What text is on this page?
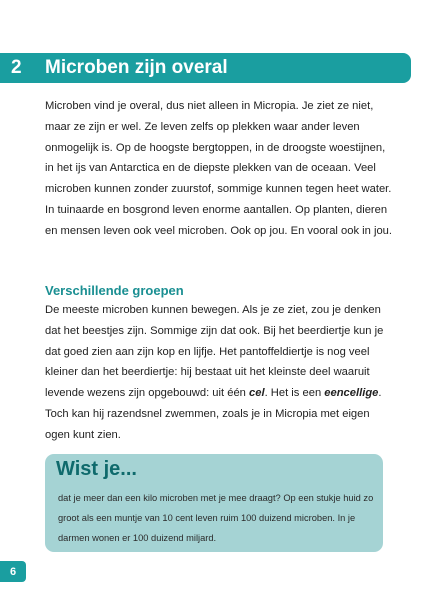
2	Microben zijn overal

Microben vind je overal, dus niet alleen in Micropia. Je ziet ze niet, maar ze zijn er wel. Ze leven zelfs op plekken waar ander leven onmogelijk is. Op de hoogste bergtoppen, in de droogste woestijnen, in het ijs van Antarctica en de diepste plekken van de oceaan. Veel microben kunnen zonder zuurstof, sommige kunnen tegen heet water. In tuinaarde en bosgrond leven enorme aantallen. Op planten, dieren en mensen leven ook veel microben. Ook op jou. En vooral ook in jou.

Verschillende groepen

De meeste microben kunnen bewegen. Als je ze ziet, zou je denken dat het beestjes zijn. Sommige zijn dat ook. Bij het beerdiertje kun je dat goed zien aan zijn kop en lijfje. Het pantoffeldiertje is nog veel kleiner dan het beerdiertje: hij bestaat uit het kleinste deel waaruit levende wezens zijn opgebouwd: uit één cel. Het is een eencellige. Toch kan hij razendsnel zwemmen, zoals je in Micropia met eigen ogen kunt zien.

Wist je...
dat je meer dan een kilo microben met je mee draagt? Op een stukje huid zo groot als een muntje van 10 cent leven ruim 100 duizend microben. In je darmen wonen er 100 duizend miljard.
6
